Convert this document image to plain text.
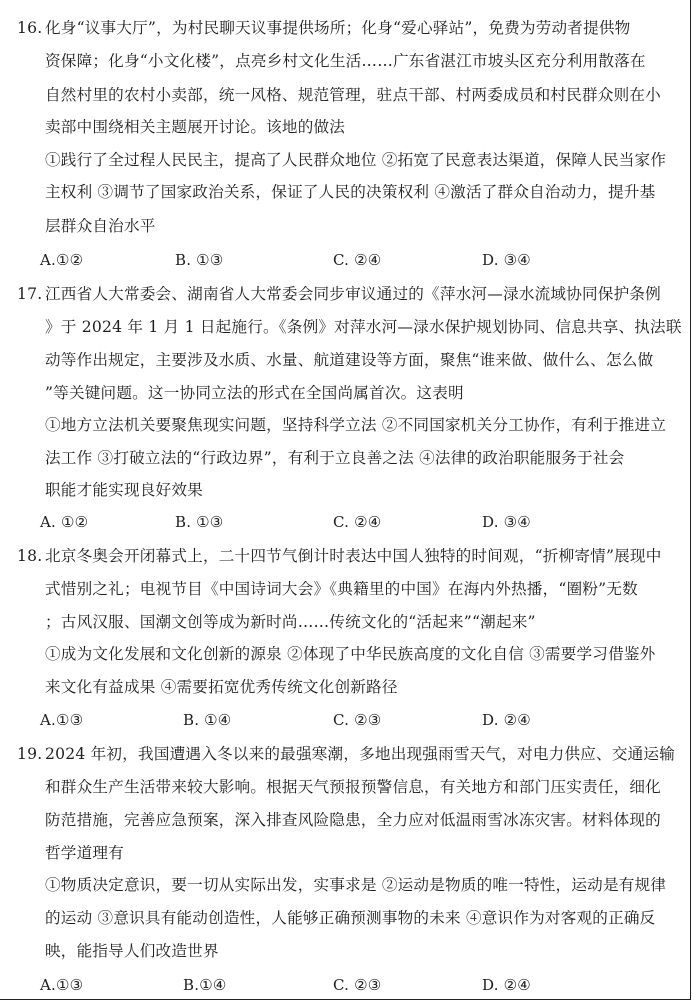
16. 化身“议事大厅”，为村民聊天议事提供场所；化身“爱心驿站”，免费为劳动者提供物
资保障；化身“小文化楼”，点亮乡村文化生活……广东省湛江市坡头区充分利用散落在
自然村里的农村小卖部，统一风格、规范管理，驻点干部、村两委成员和村民群众则在小
卖部中围绕相关主题展开讨论。该地的做法
①践行了全过程人民民主，提高了人民群众地位 ②拓宽了民意表达渠道，保障人民当家作
主权利 ③调节了国家政治关系，保证了人民的决策权利 ④激活了群众自治动力，提升基
层群众自治水平
A.①②	B. ①③	C. ②④	D. ③④
17. 江西省人大常委会、湖南省人大常委会同步审议通过的《萍水河—渌水流域协同保护条例
》于 2024 年 1 月 1 日起施行。《条例》对萍水河—渌水保护规划协同、信息共享、执法联
动等作出规定，主要涉及水质、水量、航道建设等方面，聚焦“谁来做、做什么、怎么做
”等关键问题。这一协同立法的形式在全国尚属首次。这表明
①地方立法机关要聚焦现实问题，坚持科学立法 ②不同国家机关分工协作，有利于推进立
法工作 ③打破立法的“行政边界”，有利于立良善之法 ④法律的政治职能服务于社会
职能才能实现良好效果
A. ①②	B. ①③	C. ②④	D. ③④
18. 北京冬奥会开闭幕式上，二十四节气倒计时表达中国人独特的时间观，“折柳寄情”展现中
式惜别之礼；电视节目《中国诗词大会》《典籍里的中国》在海内外热播，“圈粉”无数
；古风汉服、国潮文创等成为新时尚……传统文化的“活起来”“潮起来”
①成为文化发展和文化创新的源泉 ②体现了中华民族高度的文化自信 ③需要学习借鉴外
来文化有益成果 ④需要拓宽优秀传统文化创新路径
A.①③	B. ①④	C. ②③	D. ②④
19. 2024 年初，我国遭遇入冬以来的最强寒潮，多地出现强雨雪天气，对电力供应、交通运输
和群众生产生活带来较大影响。根据天气预报预警信息，有关地方和部门压实责任，细化
防范措施，完善应急预案，深入排查风险隐患，全力应对低温雨雪冰冻灾害。材料体现的
哲学道理有
①物质决定意识，要一切从实际出发，实事求是 ②运动是物质的唯一特性，运动是有规律
的运动 ③意识具有能动创造性，人能够正确预测事物的未来 ④意识作为对客观的正确反
映，能指导人们改造世界
A.①③	B.①④	C. ②③	D. ②④
